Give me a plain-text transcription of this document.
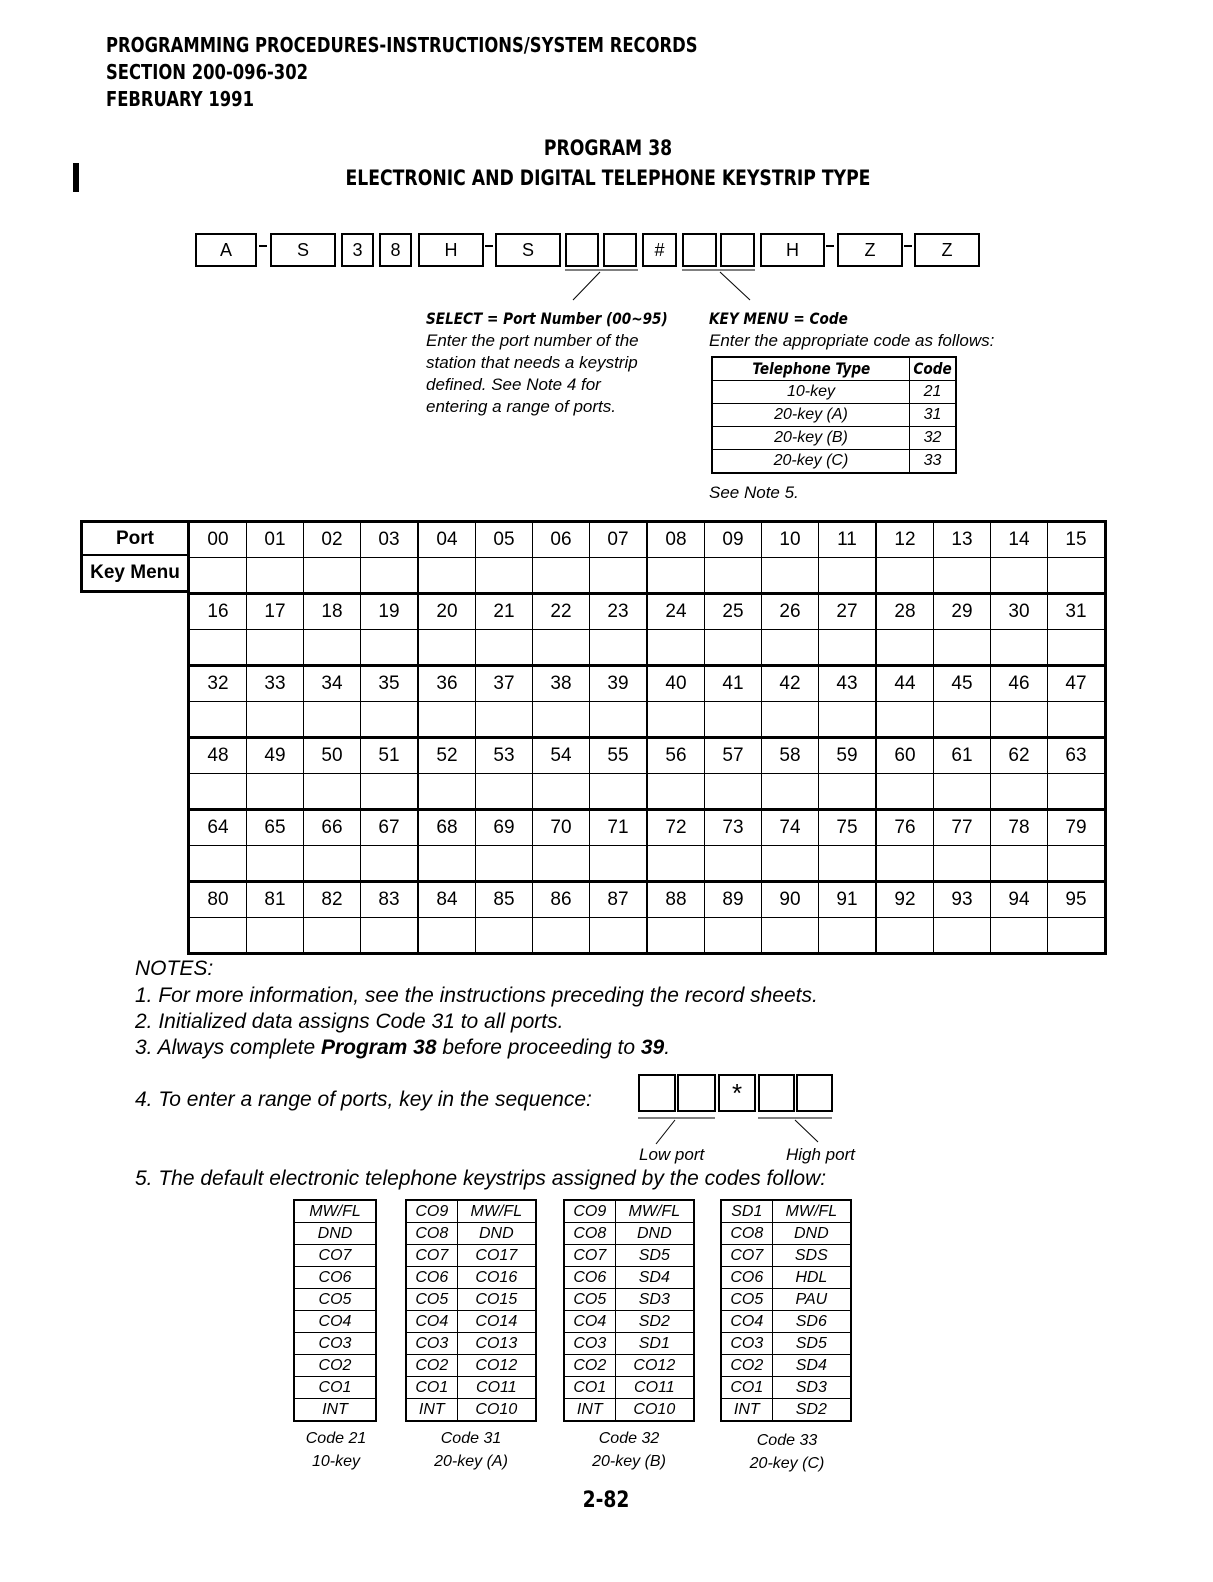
PROGRAMMING PROCEDURES-INSTRUCTIONS/SYSTEM RECORDS
SECTION 200-096-302
FEBRUARY 1991
PROGRAM 38
ELECTRONIC AND DIGITAL TELEPHONE KEYSTRIP TYPE
A	S	3	8	H	S	#	H	Z	Z
SELECT = Port Number (00~95)
Enter the port number of the
station that needs a keystrip
defined. See Note 4 for
entering a range of ports.
KEY MENU = Code
Enter the appropriate code as follows:
Telephone Type	Code
10-key	21
20-key (A)	31
20-key (B)	32
20-key (C)	33
See Note 5.
Port
Key Menu
00	01	02	03	04	05	06	07	08	09	10	11	12	13	14	15

16	17	18	19	20	21	22	23	24	25	26	27	28	29	30	31

32	33	34	35	36	37	38	39	40	41	42	43	44	45	46	47

48	49	50	51	52	53	54	55	56	57	58	59	60	61	62	63

64	65	66	67	68	69	70	71	72	73	74	75	76	77	78	79

80	81	82	83	84	85	86	87	88	89	90	91	92	93	94	95

NOTES:
1. For more information, see the instructions preceding the record sheets.
2. Initialized data assigns Code 31 to all ports.
3. Always complete Program 38 before proceeding to 39.
4. To enter a range of ports, key in the sequence:	*
Low port	High port
5. The default electronic telephone keystrips assigned by the codes follow:
MW/FL
DND
CO7
CO6
CO5
CO4
CO3
CO2
CO1
INT
CO9	MW/FL
CO8	DND
CO7	CO17
CO6	CO16
CO5	CO15
CO4	CO14
CO3	CO13
CO2	CO12
CO1	CO11
INT	CO10
CO9	MW/FL
CO8	DND
CO7	SD5
CO6	SD4
CO5	SD3
CO4	SD2
CO3	SD1
CO2	CO12
CO1	CO11
INT	CO10
SD1	MW/FL
CO8	DND
CO7	SDS
CO6	HDL
CO5	PAU
CO4	SD6
CO3	SD5
CO2	SD4
CO1	SD3
INT	SD2
Code 21
10-key
Code 31
20-key (A)
Code 32
20-key (B)
Code 33
20-key (C)
2-82
